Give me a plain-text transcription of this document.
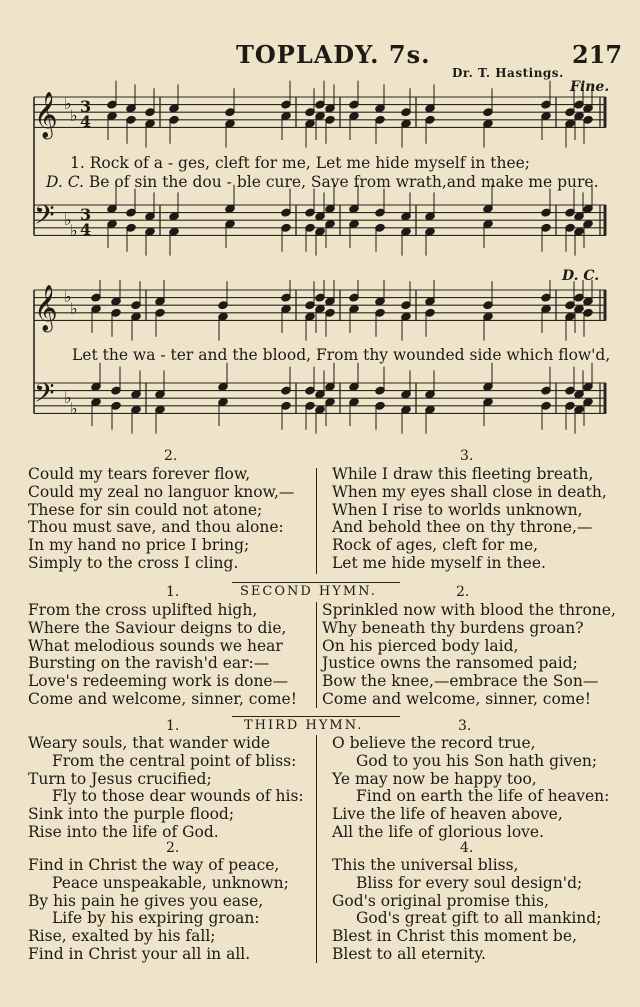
TOPLADY. 7s.	217
Dr. T. Hastings.
Fine.
𝄞
𝄢
♭
♭
♭
♭
3
4
3
4
1. Rock of a - ges, cleft for me, Let me hide myself in thee;
D. C. Be of sin the dou - ble cure, Save from wrath,and make me pure.
D. C.
𝄞
𝄢
♭
♭
♭
♭
Let the wa - ter and the blood, From thy wounded side which flow'd,
2.	3.
Could my tears forever flow,
Could my zeal no languor know,—
These for sin could not atone;
Thou must save, and thou alone:
In my hand no price I bring;
Simply to the cross I cling.
While I draw this fleeting breath,
When my eyes shall close in death,
When I rise to worlds unknown,
And behold thee on thy throne,—
Rock of ages, cleft for me,
Let me hide myself in thee.
1.	SECOND HYMN.	2.
From the cross uplifted high,
Where the Saviour deigns to die,
What melodious sounds we hear
Bursting on the ravish'd ear:—
Love's redeeming work is done—
Come and welcome, sinner, come!
Sprinkled now with blood the throne,
Why beneath thy burdens groan?
On his pierced body laid,
Justice owns the ransomed paid;
Bow the knee,—embrace the Son—
Come and welcome, sinner, come!
1.	THIRD HYMN.	3.
Weary souls, that wander wide
From the central point of bliss:
Turn to Jesus crucified;
Fly to those dear wounds of his:
Sink into the purple flood;
Rise into the life of God.
2.
Find in Christ the way of peace,
Peace unspeakable, unknown;
By his pain he gives you ease,
Life by his expiring groan:
Rise, exalted by his fall;
Find in Christ your all in all.
O believe the record true,
God to you his Son hath given;
Ye may now be happy too,
Find on earth the life of heaven:
Live the life of heaven above,
All the life of glorious love.
4.
This the universal bliss,
Bliss for every soul design'd;
God's original promise this,
God's great gift to all mankind;
Blest in Christ this moment be,
Blest to all eternity.
